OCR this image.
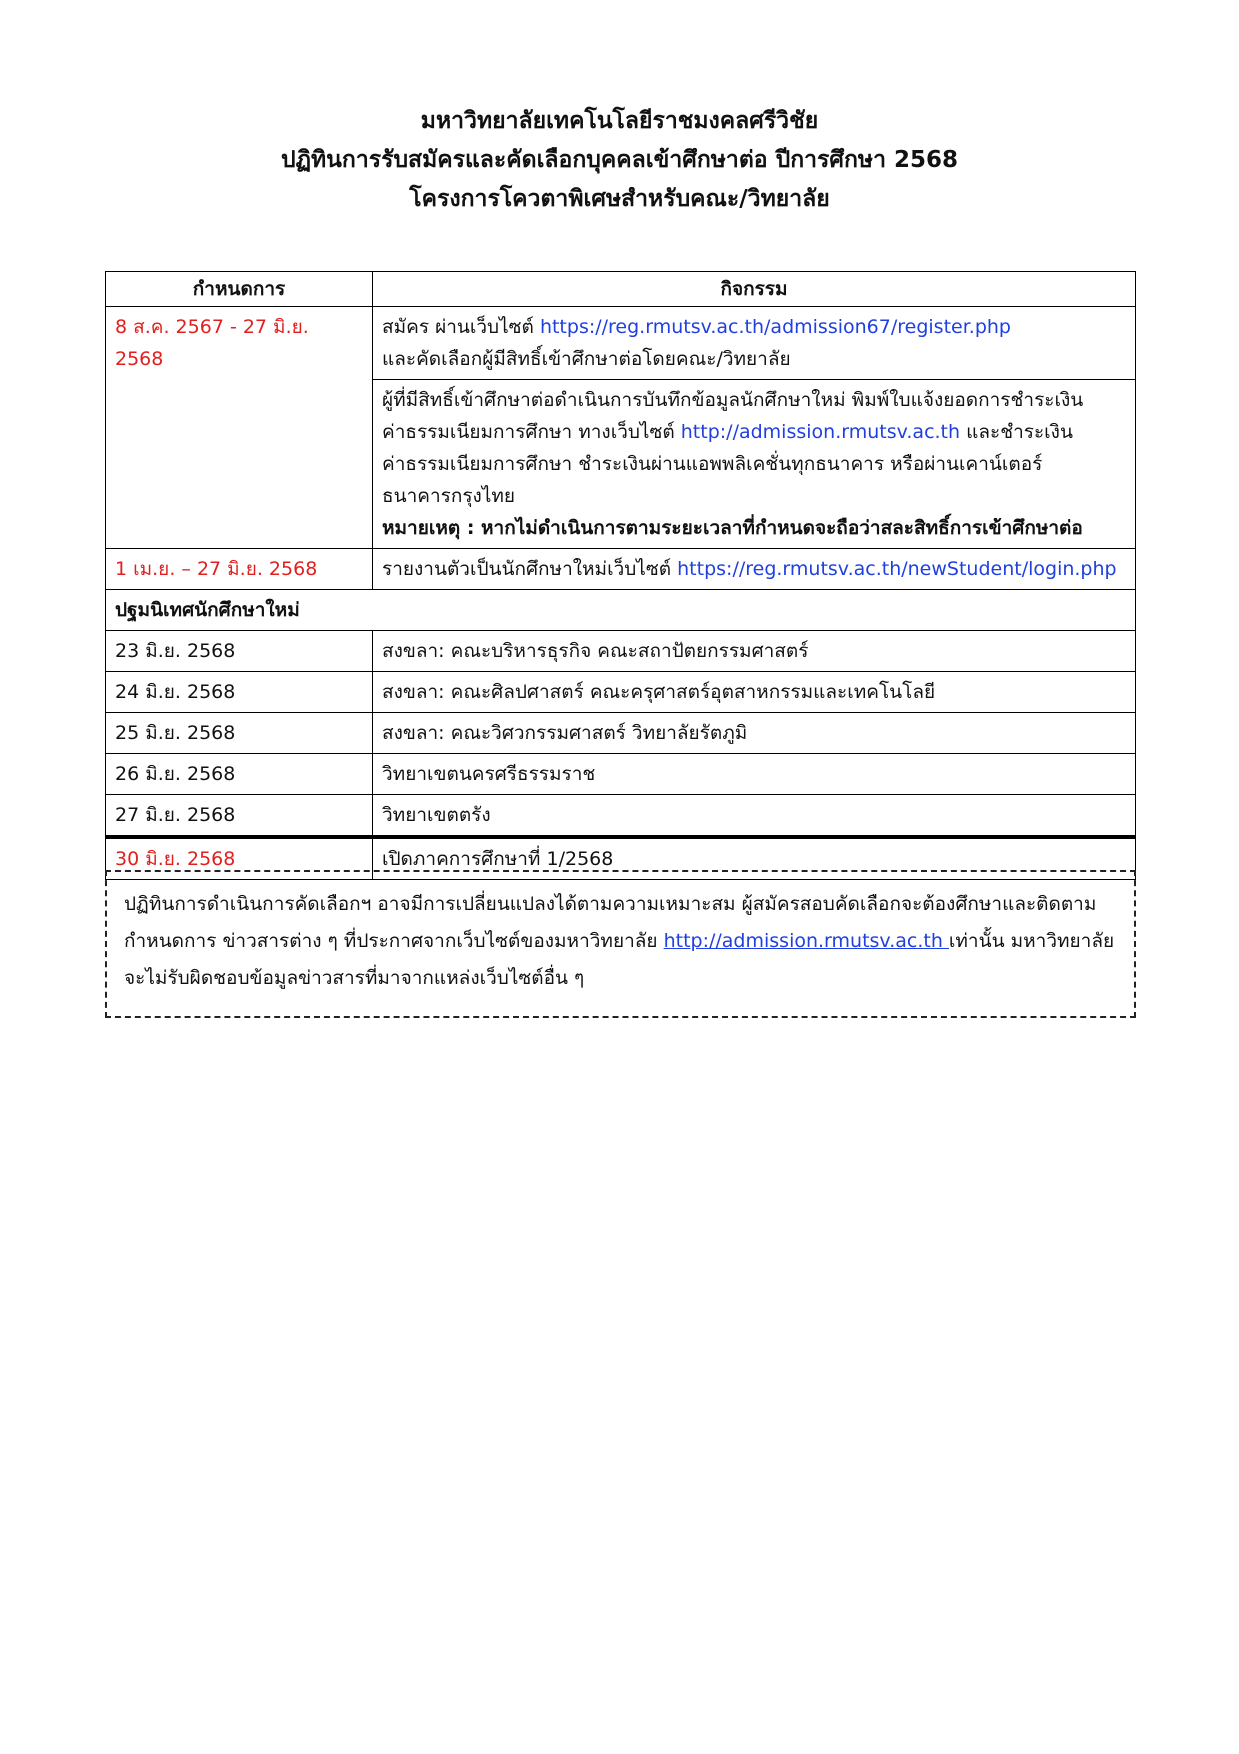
มหาวิทยาลัยเทคโนโลยีราชมงคลศรีวิชัย

ปฏิทินการรับสมัครและคัดเลือกบุคคลเข้าศึกษาต่อ ปีการศึกษา 2568

โครงการโควตาพิเศษสำหรับคณะ/วิทยาลัย

กำหนดการ	กิจกรรม
8 ส.ค. 2567 - 27 มิ.ย. 2568	สมัคร ผ่านเว็บไซต์ https://reg.rmutsv.ac.th/admission67/register.php
และคัดเลือกผู้มีสิทธิ์เข้าศึกษาต่อโดยคณะ/วิทยาลัย
	ผู้ที่มีสิทธิ์เข้าศึกษาต่อดำเนินการบันทึกข้อมูลนักศึกษาใหม่ พิมพ์ใบแจ้งยอดการชำระเงิน
ค่าธรรมเนียมการศึกษา ทางเว็บไซต์ http://admission.rmutsv.ac.th และชำระเงิน
ค่าธรรมเนียมการศึกษา ชำระเงินผ่านแอพพลิเคชั่นทุกธนาคาร หรือผ่านเคาน์เตอร์
ธนาคารกรุงไทย
หมายเหตุ : หากไม่ดำเนินการตามระยะเวลาที่กำหนดจะถือว่าสละสิทธิ์การเข้าศึกษาต่อ
1 เม.ย. – 27 มิ.ย. 2568	รายงานตัวเป็นนักศึกษาใหม่เว็บไซต์ https://reg.rmutsv.ac.th/newStudent/login.php
ปฐมนิเทศนักศึกษาใหม่	
23 มิ.ย. 2568	สงขลา: คณะบริหารธุรกิจ คณะสถาปัตยกรรมศาสตร์
24 มิ.ย. 2568	สงขลา: คณะศิลปศาสตร์ คณะครุศาสตร์อุตสาหกรรมและเทคโนโลยี
25 มิ.ย. 2568	สงขลา: คณะวิศวกรรมศาสตร์ วิทยาลัยรัตภูมิ
26 มิ.ย. 2568	วิทยาเขตนครศรีธรรมราช
27 มิ.ย. 2568	วิทยาเขตตรัง
30 มิ.ย. 2568	เปิดภาคการศึกษาที่ 1/2568
ปฏิทินการดำเนินการคัดเลือกฯ อาจมีการเปลี่ยนแปลงได้ตามความเหมาะสม ผู้สมัครสอบคัดเลือกจะต้องศึกษาและติดตาม
กำหนดการ ข่าวสารต่าง ๆ ที่ประกาศจากเว็บไซต์ของมหาวิทยาลัย http://admission.rmutsv.ac.th เท่านั้น มหาวิทยาลัย
จะไม่รับผิดชอบข้อมูลข่าวสารที่มาจากแหล่งเว็บไซต์อื่น ๆ
